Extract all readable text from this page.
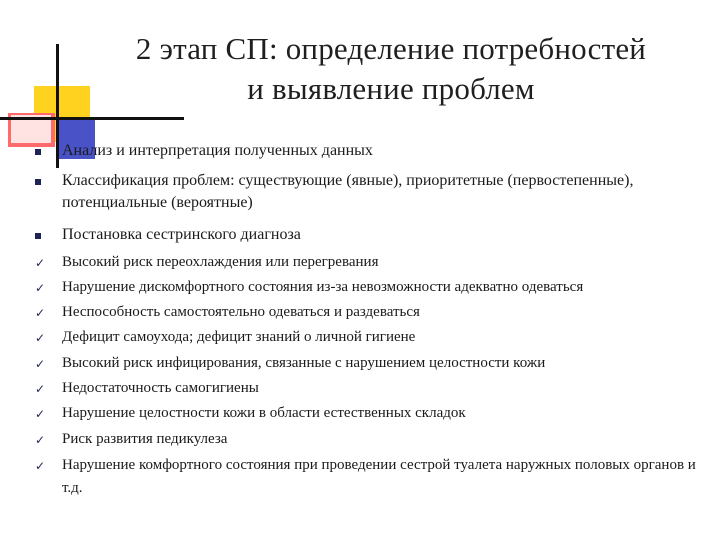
2 этап СП: определение потребностей
и выявление проблем
Анализ и интерпретация полученных данных
Классификация проблем: существующие (явные), приоритетные (первостепенные), потенциальные (вероятные)
Постановка сестринского диагноза
✓	Высокий риск переохлаждения или перегревания
✓	Нарушение дискомфортного состояния из-за невозможности адекватно одеваться
✓	Неспособность самостоятельно одеваться и раздеваться
✓	Дефицит самоухода; дефицит знаний о личной гигиене
✓	Высокий риск инфицирования, связанные с нарушением целостности кожи
✓	Недостаточность самогигиены
✓	Нарушение целостности кожи в области естественных складок
✓	Риск развития педикулеза
✓	Нарушение комфортного состояния при проведении сестрой туалета наружных половых органов и т.д.
